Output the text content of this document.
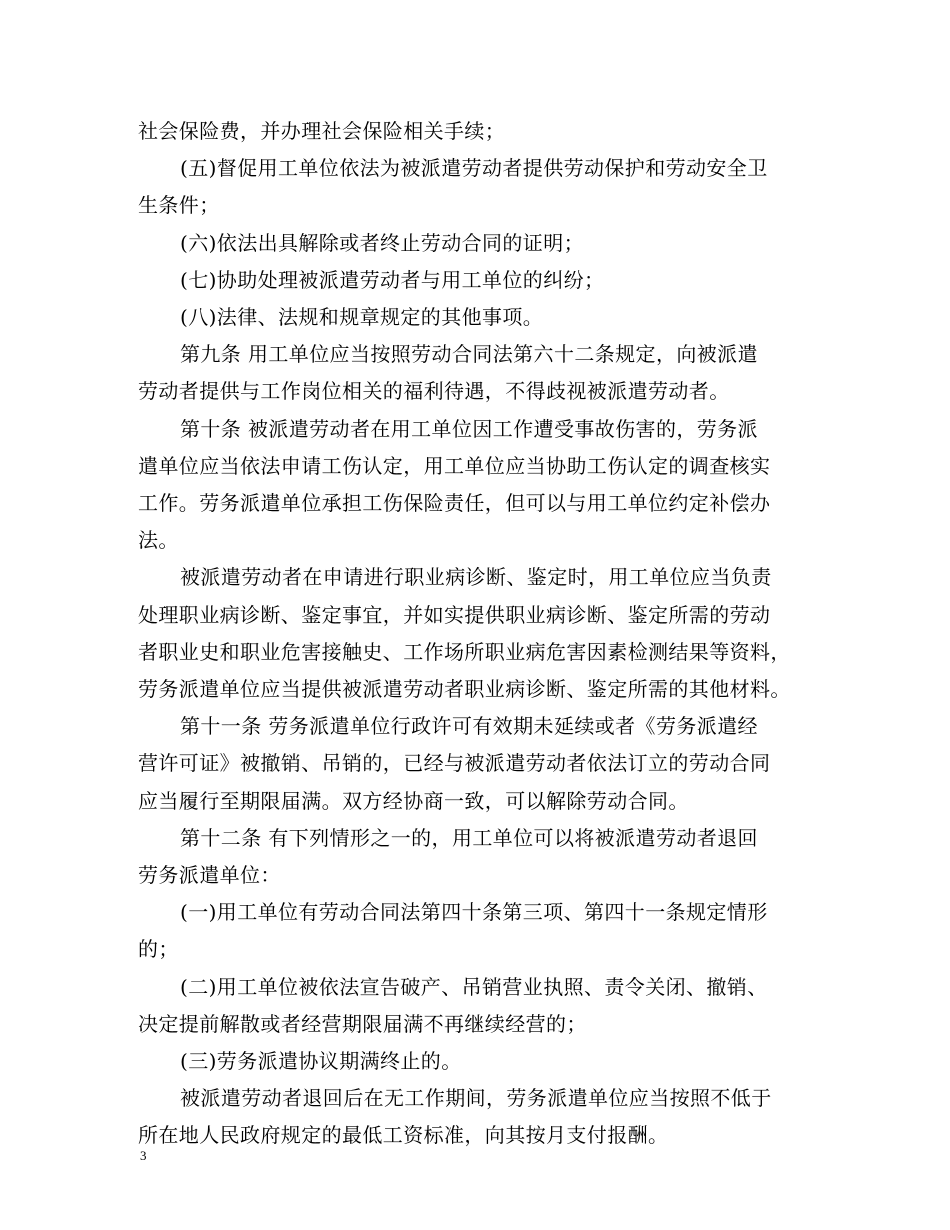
社会保险费，并办理社会保险相关手续；

(五)督促用工单位依法为被派遣劳动者提供劳动保护和劳动安全卫

生条件；

(六)依法出具解除或者终止劳动合同的证明；

(七)协助处理被派遣劳动者与用工单位的纠纷；

(八)法律、法规和规章规定的其他事项。

第九条 用工单位应当按照劳动合同法第六十二条规定，向被派遣

劳动者提供与工作岗位相关的福利待遇，不得歧视被派遣劳动者。

第十条 被派遣劳动者在用工单位因工作遭受事故伤害的，劳务派

遣单位应当依法申请工伤认定，用工单位应当协助工伤认定的调查核实

工作。劳务派遣单位承担工伤保险责任，但可以与用工单位约定补偿办

法。

被派遣劳动者在申请进行职业病诊断、鉴定时，用工单位应当负责

处理职业病诊断、鉴定事宜，并如实提供职业病诊断、鉴定所需的劳动

者职业史和职业危害接触史、工作场所职业病危害因素检测结果等资料，

劳务派遣单位应当提供被派遣劳动者职业病诊断、鉴定所需的其他材料。

第十一条 劳务派遣单位行政许可有效期未延续或者《劳务派遣经

营许可证》被撤销、吊销的，已经与被派遣劳动者依法订立的劳动合同

应当履行至期限届满。双方经协商一致，可以解除劳动合同。

第十二条 有下列情形之一的，用工单位可以将被派遣劳动者退回

劳务派遣单位：

(一)用工单位有劳动合同法第四十条第三项、第四十一条规定情形

的；

(二)用工单位被依法宣告破产、吊销营业执照、责令关闭、撤销、

决定提前解散或者经营期限届满不再继续经营的；

(三)劳务派遣协议期满终止的。

被派遣劳动者退回后在无工作期间，劳务派遣单位应当按照不低于

所在地人民政府规定的最低工资标准，向其按月支付报酬。

3
